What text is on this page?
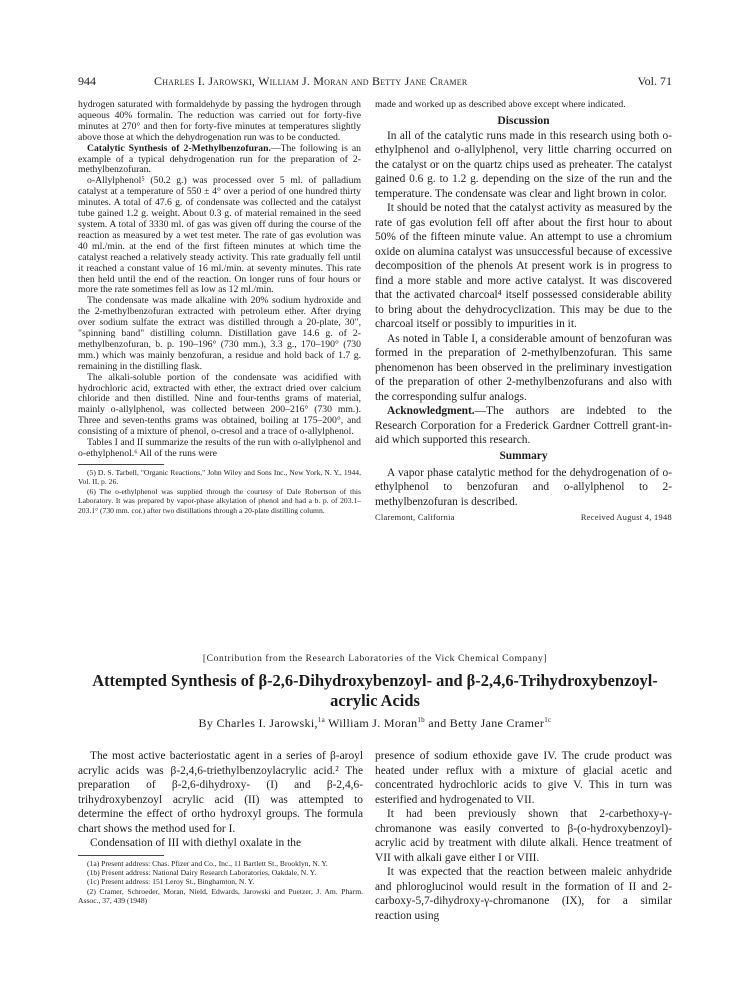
944	Charles I. Jarowski, William J. Moran and Betty Jane Cramer	Vol. 71

hydrogen saturated with formaldehyde by passing the hydrogen through aqueous 40% formalin. The reduction was carried out for forty-five minutes at 270° and then for forty-five minutes at temperatures slightly above those at which the dehydrogenation run was to be conducted.

Catalytic Synthesis of 2-Methylbenzofuran.—The following is an example of a typical dehydrogenation run for the preparation of 2-methylbenzofuran.

o-Allylphenol⁵ (50.2 g.) was processed over 5 ml. of palladium catalyst at a temperature of 550 ± 4° over a period of one hundred thirty minutes. A total of 47.6 g. of condensate was collected and the catalyst tube gained 1.2 g. weight. About 0.3 g. of material remained in the seed system. A total of 3330 ml. of gas was given off during the course of the reaction as measured by a wet test meter. The rate of gas evolution was 40 ml./min. at the end of the first fifteen minutes at which time the catalyst reached a relatively steady activity. This rate gradually fell until it reached a constant value of 16 ml./min. at seventy minutes. This rate then held until the end of the reaction. On longer runs of four hours or more the rate sometimes fell as low as 12 ml./min.

The condensate was made alkaline with 20% sodium hydroxide and the 2-methylbenzofuran extracted with petroleum ether. After drying over sodium sulfate the extract was distilled through a 20-plate, 30", "spinning band" distilling column. Distillation gave 14.6 g. of 2-methylbenzofuran, b. p. 190–196° (730 mm.), 3.3 g., 170–190° (730 mm.) which was mainly benzofuran, a residue and hold back of 1.7 g. remaining in the distilling flask.

The alkali-soluble portion of the condensate was acidified with hydrochloric acid, extracted with ether, the extract dried over calcium chloride and then distilled. Nine and four-tenths grams of material, mainly o-allylphenol, was collected between 200–216° (730 mm.). Three and seven-tenths grams was obtained, boiling at 175–200°, and consisting of a mixture of phenol, o-cresol and a trace of o-allylphenol.

Tables I and II summarize the results of the run with o-allylphenol and o-ethylphenol.⁶ All of the runs were

(5) D. S. Tarbell, "Organic Reactions," John Wiley and Sons Inc., New York, N. Y., 1944, Vol. II, p. 26.

(6) The o-ethylphenol was supplied through the courtesy of Dale Robertson of this Laboratory. It was prepared by vapor-phase alkylation of phenol and had a b. p. of 203.1–203.1° (730 mm. cor.) after two distillations through a 20-plate distilling column.

made and worked up as described above except where indicated.

Discussion

In all of the catalytic runs made in this research using both o-ethylphenol and o-allylphenol, very little charring occurred on the catalyst or on the quartz chips used as preheater. The catalyst gained 0.6 g. to 1.2 g. depending on the size of the run and the temperature. The condensate was clear and light brown in color.

It should be noted that the catalyst activity as measured by the rate of gas evolution fell off after about the first hour to about 50% of the fifteen minute value. An attempt to use a chromium oxide on alumina catalyst was unsuccessful because of excessive decomposition of the phenols At present work is in progress to find a more stable and more active catalyst. It was discovered that the activated charcoal⁴ itself possessed considerable ability to bring about the dehydrocyclization. This may be due to the charcoal itself or possibly to impurities in it.

As noted in Table I, a considerable amount of benzofuran was formed in the preparation of 2-methylbenzofuran. This same phenomenon has been observed in the preliminary investigation of the preparation of other 2-methylbenzofurans and also with the corresponding sulfur analogs.

Acknowledgment.—The authors are indebted to the Research Corporation for a Frederick Gardner Cottrell grant-in-aid which supported this research.

Summary

A vapor phase catalytic method for the dehydrogenation of o-ethylphenol to benzofuran and o-allylphenol to 2-methylbenzofuran is described.

Claremont, California	Received August 4, 1948
[Contribution from the Research Laboratories of the Vick Chemical Company]
Attempted Synthesis of β-2,6-Dihydroxybenzoyl- and β-2,4,6-Trihydroxybenzoyl-
acrylic Acids
By Charles I. Jarowski,$^{1a}$ William J. Moran$^{1b}$ and Betty Jane Cramer$^{1c}$

The most active bacteriostatic agent in a series of β-aroyl acrylic acids was β-2,4,6-triethylbenzoylacrylic acid.² The preparation of β-2,6-dihydroxy- (I) and β-2,4,6-trihydroxybenzoyl acrylic acid (II) was attempted to determine the effect of ortho hydroxyl groups. The formula chart shows the method used for I.

Condensation of III with diethyl oxalate in the

(1a) Present address: Chas. Pfizer and Co., Inc., 11 Bartlett St., Brooklyn, N. Y.

(1b) Present address: National Dairy Research Laboratories, Oakdale, N. Y.

(1c) Present address: 151 Leroy St., Binghamton, N. Y.

(2) Cramer, Schroeder, Moran, Nield, Edwards, Jarowski and Puetzer, J. Am. Pharm. Assoc., 37, 439 (1948)

presence of sodium ethoxide gave IV. The crude product was heated under reflux with a mixture of glacial acetic and concentrated hydrochloric acids to give V. This in turn was esterified and hydrogenated to VII.

It had been previously shown that 2-carbethoxy-γ-chromanone was easily converted to β-(o-hydroxybenzoyl)-acrylic acid by treatment with dilute alkali. Hence treatment of VII with alkali gave either I or VIII.

It was expected that the reaction between maleic anhydride and phloroglucinol would result in the formation of II and 2-carboxy-5,7-dihydroxy-γ-chromanone (IX), for a similar reaction using
